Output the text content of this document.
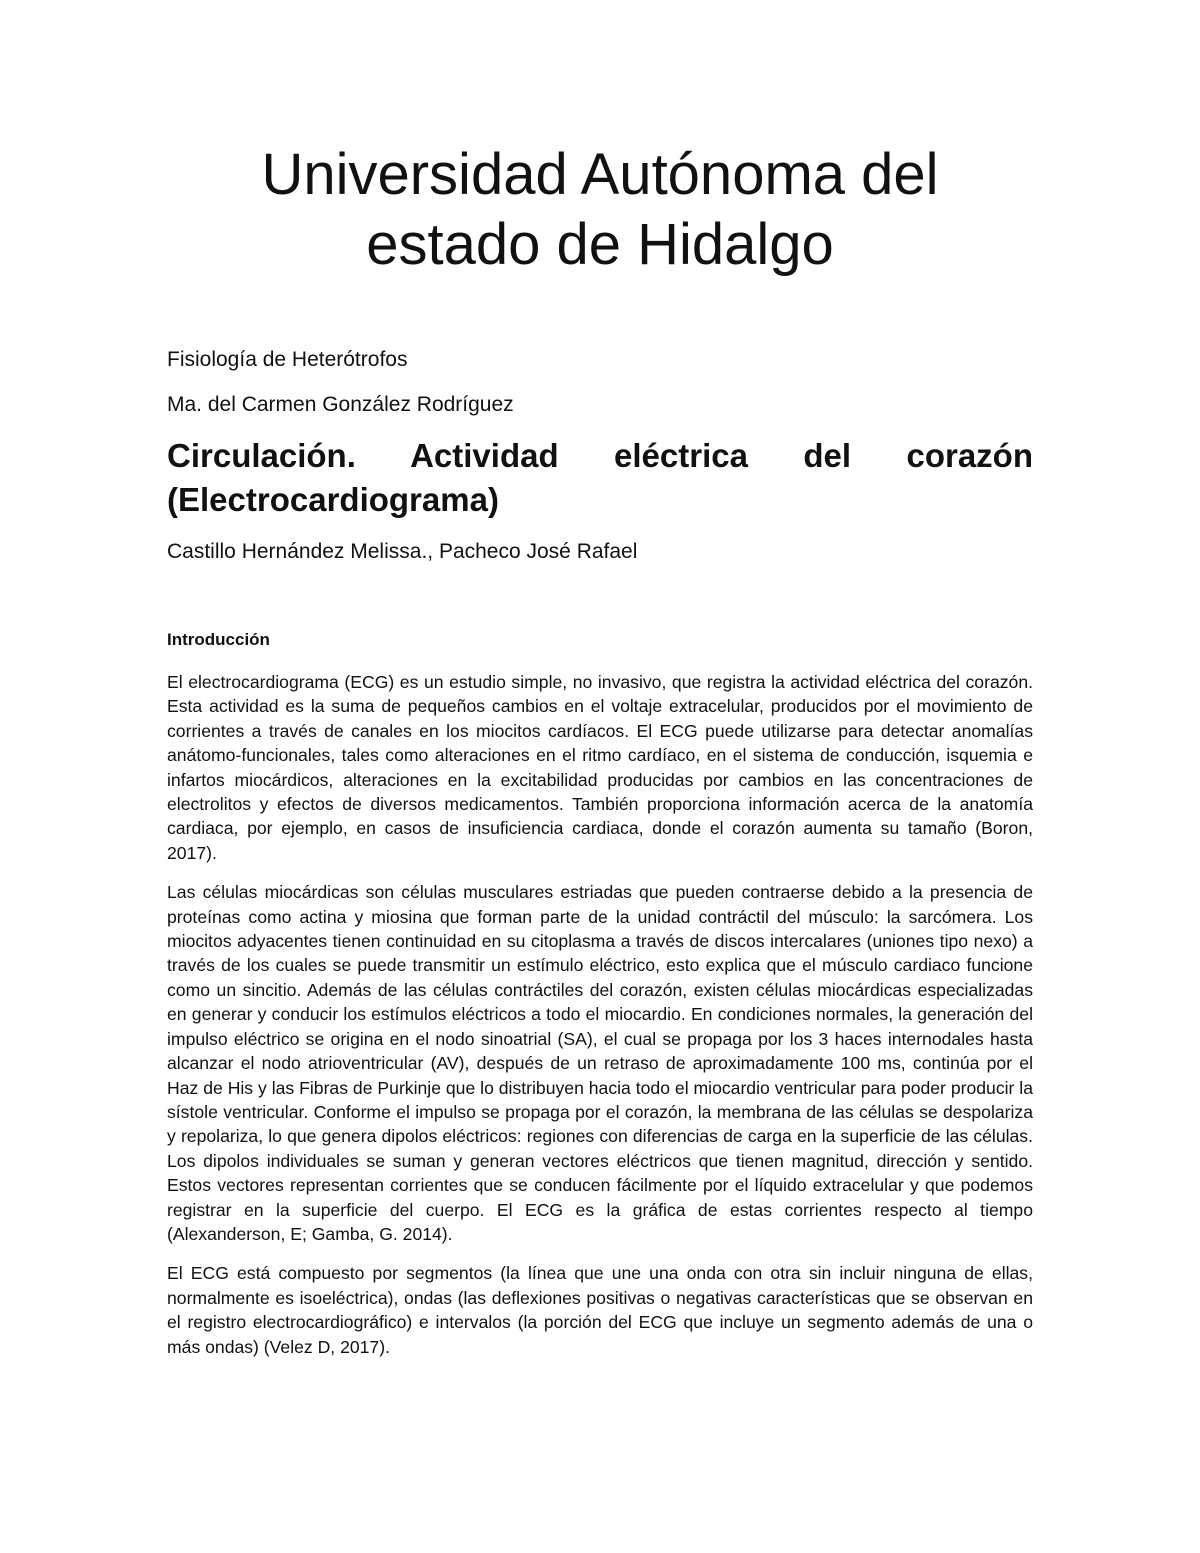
Universidad Autónoma del
estado de Hidalgo

Fisiología de Heterótrofos

Ma. del Carmen González Rodríguez

Circulación. Actividad eléctrica del corazón (Electrocardiograma)

Castillo Hernández Melissa., Pacheco José Rafael

Introducción

El electrocardiograma (ECG) es un estudio simple, no invasivo, que registra la actividad eléctrica del corazón. Esta actividad es la suma de pequeños cambios en el voltaje extracelular, producidos por el movimiento de corrientes a través de canales en los miocitos cardíacos. El ECG puede utilizarse para detectar anomalías anátomo-funcionales, tales como alteraciones en el ritmo cardíaco, en el sistema de conducción, isquemia e infartos miocárdicos, alteraciones en la excitabilidad producidas por cambios en las concentraciones de electrolitos y efectos de diversos medicamentos. También proporciona información acerca de la anatomía cardiaca, por ejemplo, en casos de insuficiencia cardiaca, donde el corazón aumenta su tamaño (Boron, 2017).

Las células miocárdicas son células musculares estriadas que pueden contraerse debido a la presencia de proteínas como actina y miosina que forman parte de la unidad contráctil del músculo: la sarcómera. Los miocitos adyacentes tienen continuidad en su citoplasma a través de discos intercalares (uniones tipo nexo) a través de los cuales se puede transmitir un estímulo eléctrico, esto explica que el músculo cardiaco funcione como un sincitio. Además de las células contráctiles del corazón, existen células miocárdicas especializadas en generar y conducir los estímulos eléctricos a todo el miocardio. En condiciones normales, la generación del impulso eléctrico se origina en el nodo sinoatrial (SA), el cual se propaga por los 3 haces internodales hasta alcanzar el nodo atrioventricular (AV), después de un retraso de aproximadamente 100 ms, continúa por el Haz de His y las Fibras de Purkinje que lo distribuyen hacia todo el miocardio ventricular para poder producir la sístole ventricular. Conforme el impulso se propaga por el corazón, la membrana de las células se despolariza y repolariza, lo que genera dipolos eléctricos: regiones con diferencias de carga en la superficie de las células. Los dipolos individuales se suman y generan vectores eléctricos que tienen magnitud, dirección y sentido. Estos vectores representan corrientes que se conducen fácilmente por el líquido extracelular y que podemos registrar en la superficie del cuerpo. El ECG es la gráfica de estas corrientes respecto al tiempo (Alexanderson, E; Gamba, G. 2014).

El ECG está compuesto por segmentos (la línea que une una onda con otra sin incluir ninguna de ellas, normalmente es isoeléctrica), ondas (las deflexiones positivas o negativas características que se observan en el registro electrocardiográfico) e intervalos (la porción del ECG que incluye un segmento además de una o más ondas) (Velez D, 2017).
